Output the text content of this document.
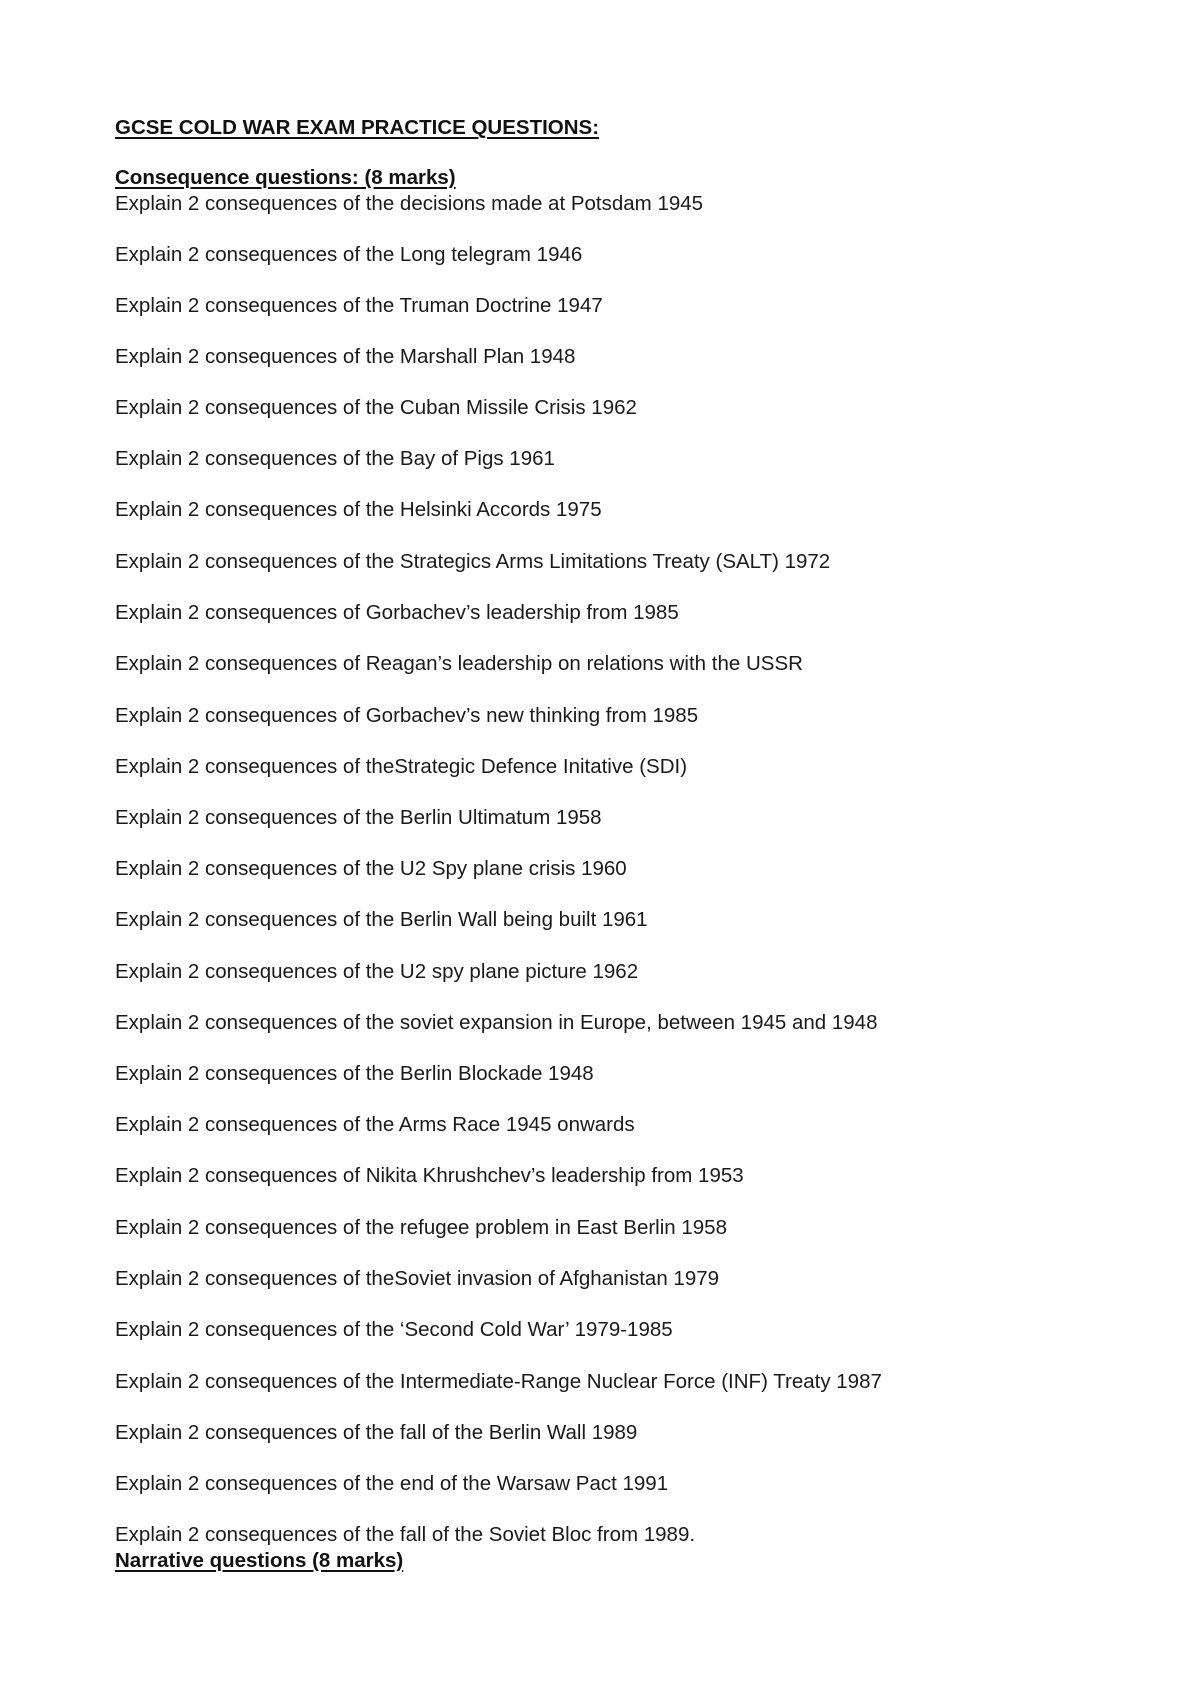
GCSE COLD WAR EXAM PRACTICE QUESTIONS:
Consequence questions: (8 marks)
Explain 2 consequences of the decisions made at Potsdam 1945
Explain 2 consequences of the Long telegram 1946
Explain 2 consequences of the Truman Doctrine 1947
Explain 2 consequences of the Marshall Plan 1948
Explain 2 consequences of the Cuban Missile Crisis 1962
Explain 2 consequences of the Bay of Pigs 1961
Explain 2 consequences of the Helsinki Accords 1975
Explain 2 consequences of the Strategics Arms Limitations Treaty (SALT) 1972
Explain 2 consequences of Gorbachev’s leadership from 1985
Explain 2 consequences of Reagan’s leadership on relations with the USSR
Explain 2 consequences of Gorbachev’s new thinking from 1985
Explain 2 consequences of theStrategic Defence Initative (SDI)
Explain 2 consequences of the Berlin Ultimatum 1958
Explain 2 consequences of the U2 Spy plane crisis 1960
Explain 2 consequences of the Berlin Wall being built 1961
Explain 2 consequences of the U2 spy plane picture 1962
Explain 2 consequences of the soviet expansion in Europe, between 1945 and 1948
Explain 2 consequences of the Berlin Blockade 1948
Explain 2 consequences of the Arms Race 1945 onwards
Explain 2 consequences of Nikita Khrushchev’s leadership from 1953
Explain 2 consequences of the refugee problem in East Berlin 1958
Explain 2 consequences of theSoviet invasion of Afghanistan 1979
Explain 2 consequences of the ‘Second Cold War’ 1979-1985
Explain 2 consequences of the Intermediate-Range Nuclear Force (INF) Treaty 1987
Explain 2 consequences of the fall of the Berlin Wall 1989
Explain 2 consequences of the end of the Warsaw Pact 1991
Explain 2 consequences of the fall of the Soviet Bloc from 1989.
Narrative questions (8 marks)
